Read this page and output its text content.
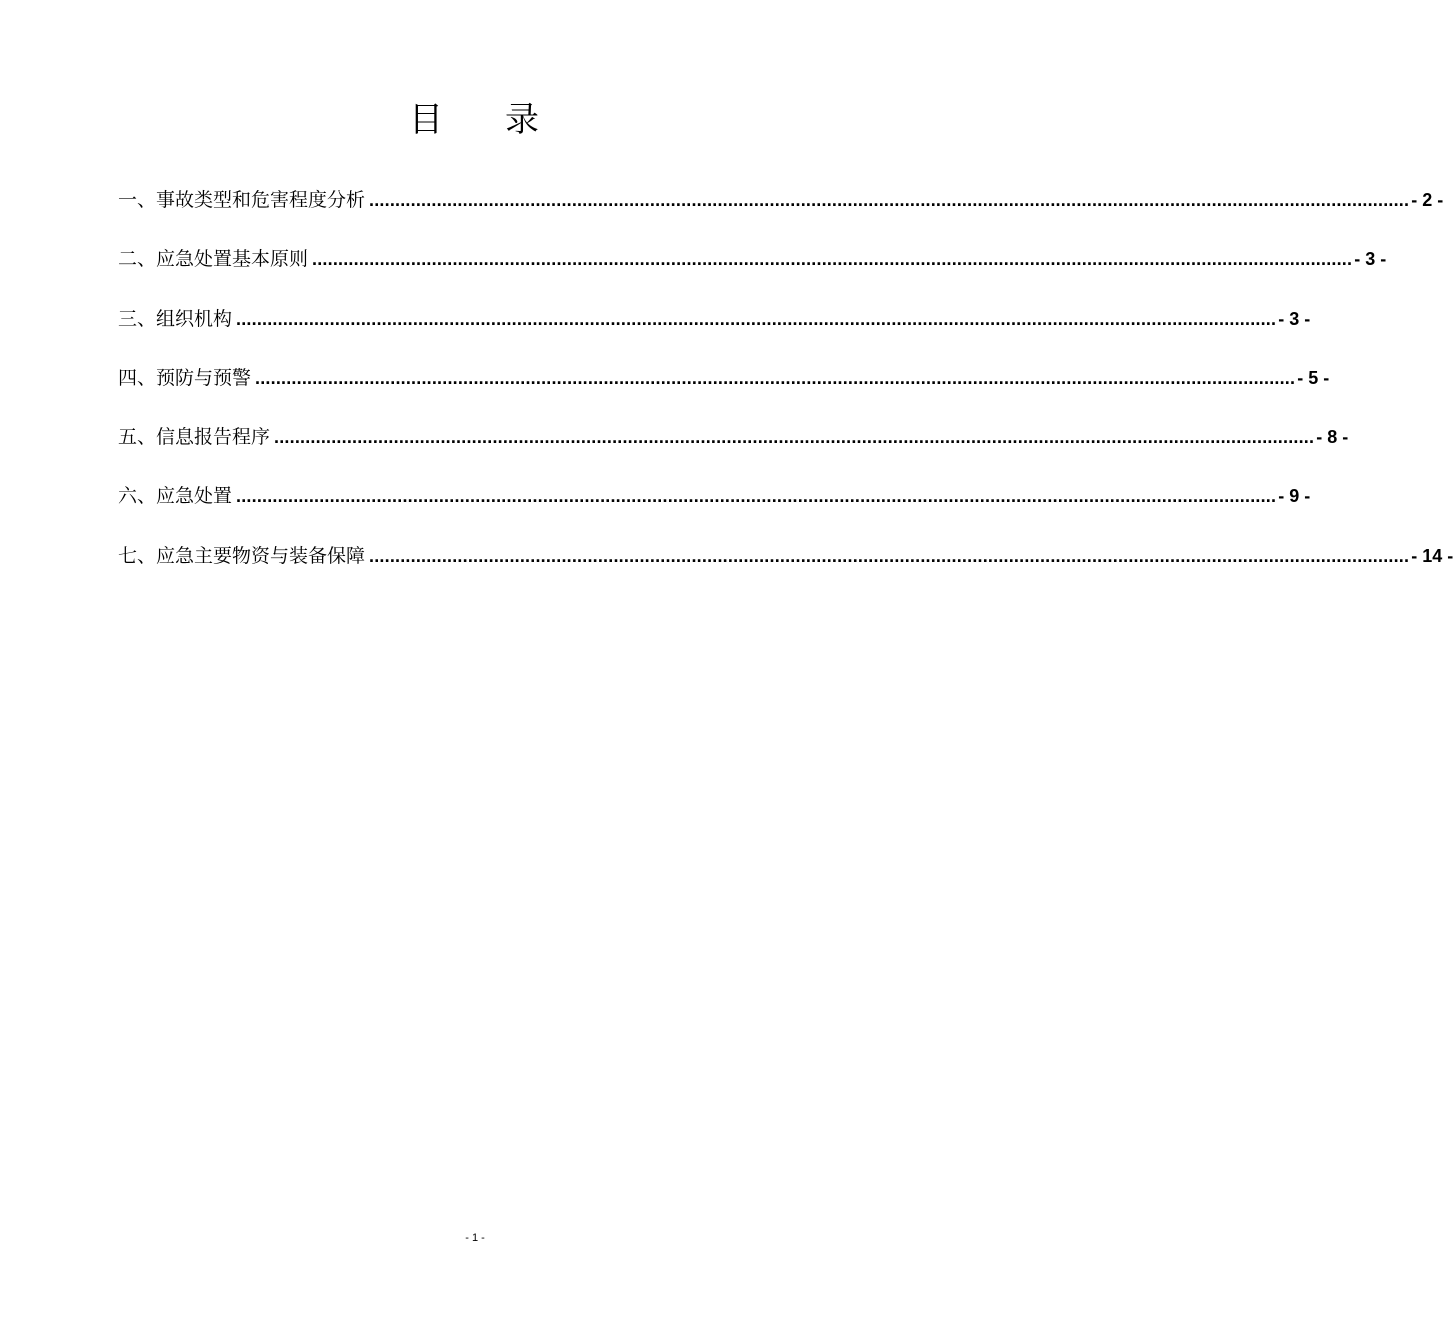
目 录
一、事故类型和危害程度分析 ........................................................................................................................................................................................................ - 2 -
二、应急处置基本原则 ........................................................................................................................................................................................................ - 3 -
三、组织机构 ........................................................................................................................................................................................................ - 3 -
四、预防与预警 ........................................................................................................................................................................................................ - 5 -
五、信息报告程序 ........................................................................................................................................................................................................ - 8 -
六、应急处置 ........................................................................................................................................................................................................ - 9 -
七、应急主要物资与装备保障 ........................................................................................................................................................................................................ - 14 -
- 1 -
